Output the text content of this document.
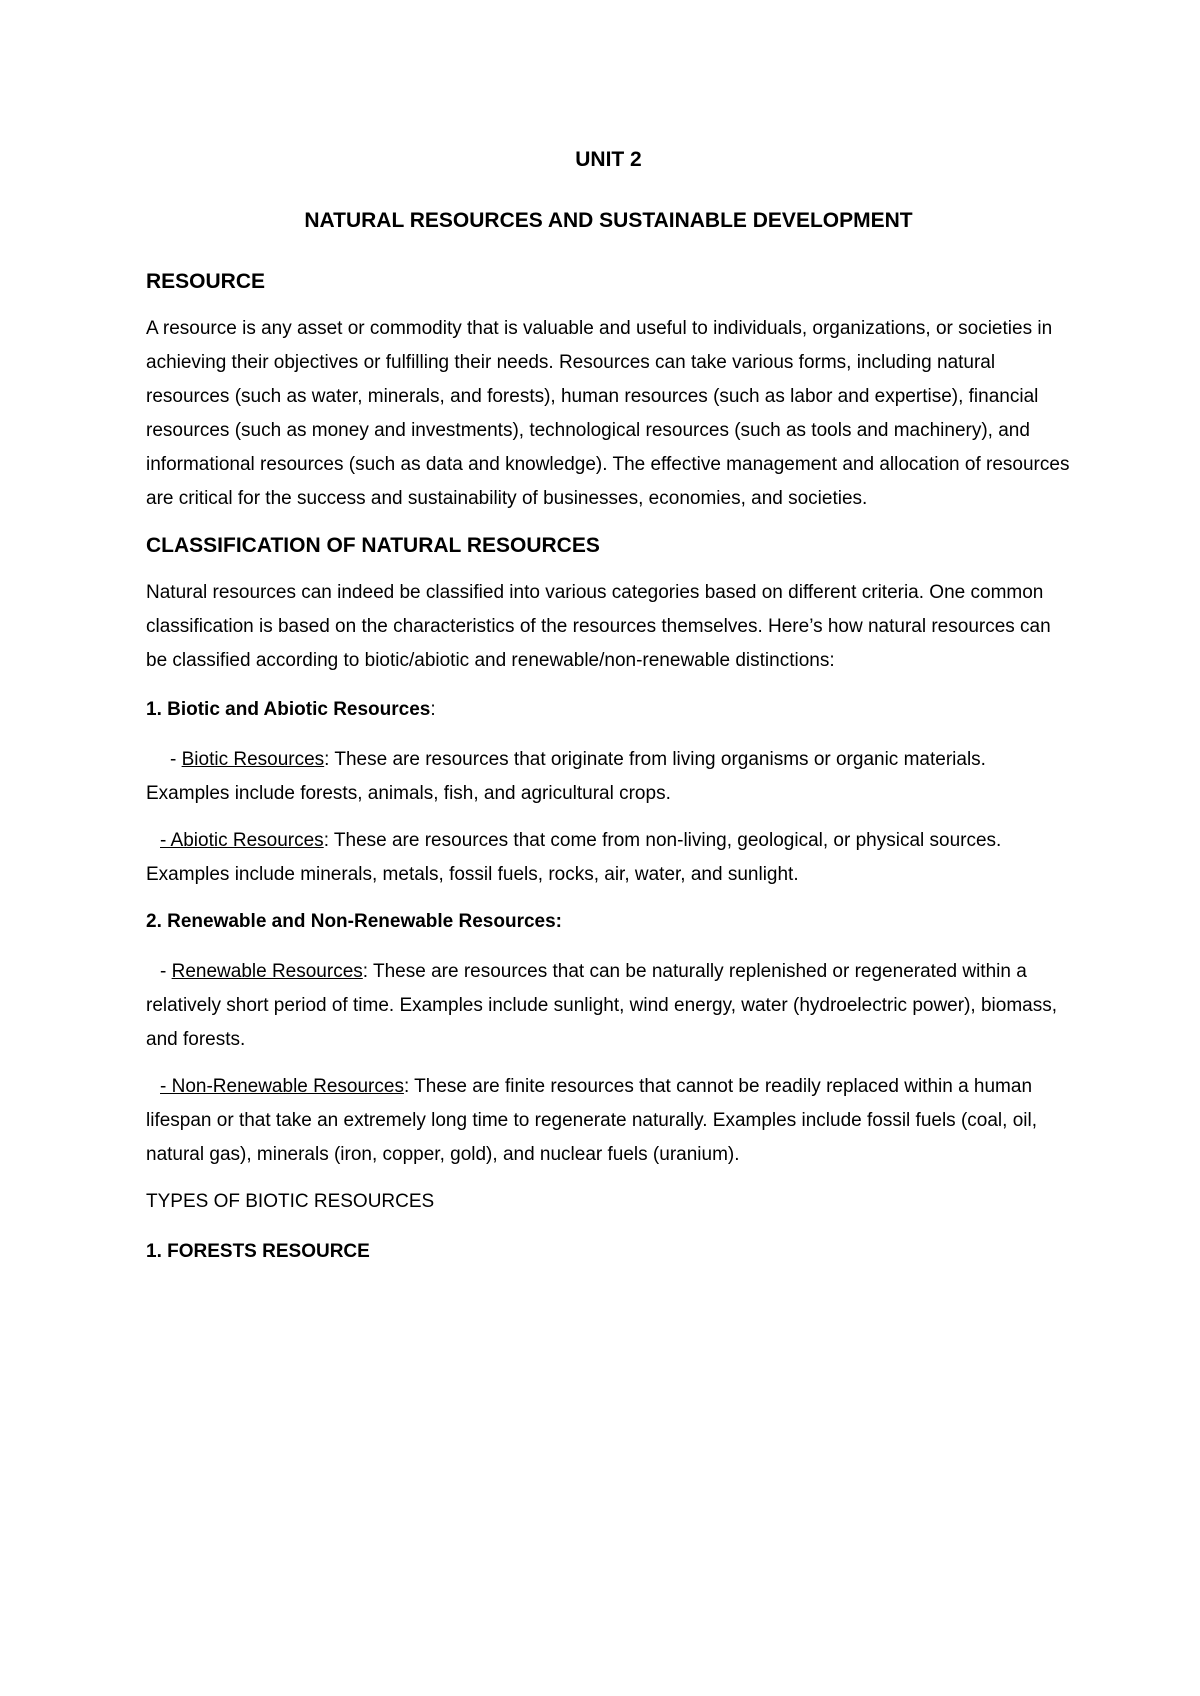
UNIT 2
NATURAL RESOURCES AND SUSTAINABLE DEVELOPMENT
RESOURCE

A resource is any asset or commodity that is valuable and useful to individuals, organizations, or societies in achieving their objectives or fulfilling their needs. Resources can take various forms, including natural resources (such as water, minerals, and forests), human resources (such as labor and expertise), financial resources (such as money and investments), technological resources (such as tools and machinery), and informational resources (such as data and knowledge). The effective management and allocation of resources are critical for the success and sustainability of businesses, economies, and societies.

CLASSIFICATION OF NATURAL RESOURCES

Natural resources can indeed be classified into various categories based on different criteria. One common classification is based on the characteristics of the resources themselves. Here’s how natural resources can be classified according to biotic/abiotic and renewable/non-renewable distinctions:

1. Biotic and Abiotic Resources:

- Biotic Resources: These are resources that originate from living organisms or organic materials. Examples include forests, animals, fish, and agricultural crops.

- Abiotic Resources: These are resources that come from non-living, geological, or physical sources. Examples include minerals, metals, fossil fuels, rocks, air, water, and sunlight.

2. Renewable and Non-Renewable Resources:

- Renewable Resources: These are resources that can be naturally replenished or regenerated within a relatively short period of time. Examples include sunlight, wind energy, water (hydroelectric power), biomass, and forests.

- Non-Renewable Resources: These are finite resources that cannot be readily replaced within a human lifespan or that take an extremely long time to regenerate naturally. Examples include fossil fuels (coal, oil, natural gas), minerals (iron, copper, gold), and nuclear fuels (uranium).

TYPES OF BIOTIC RESOURCES
1. FORESTS RESOURCE
